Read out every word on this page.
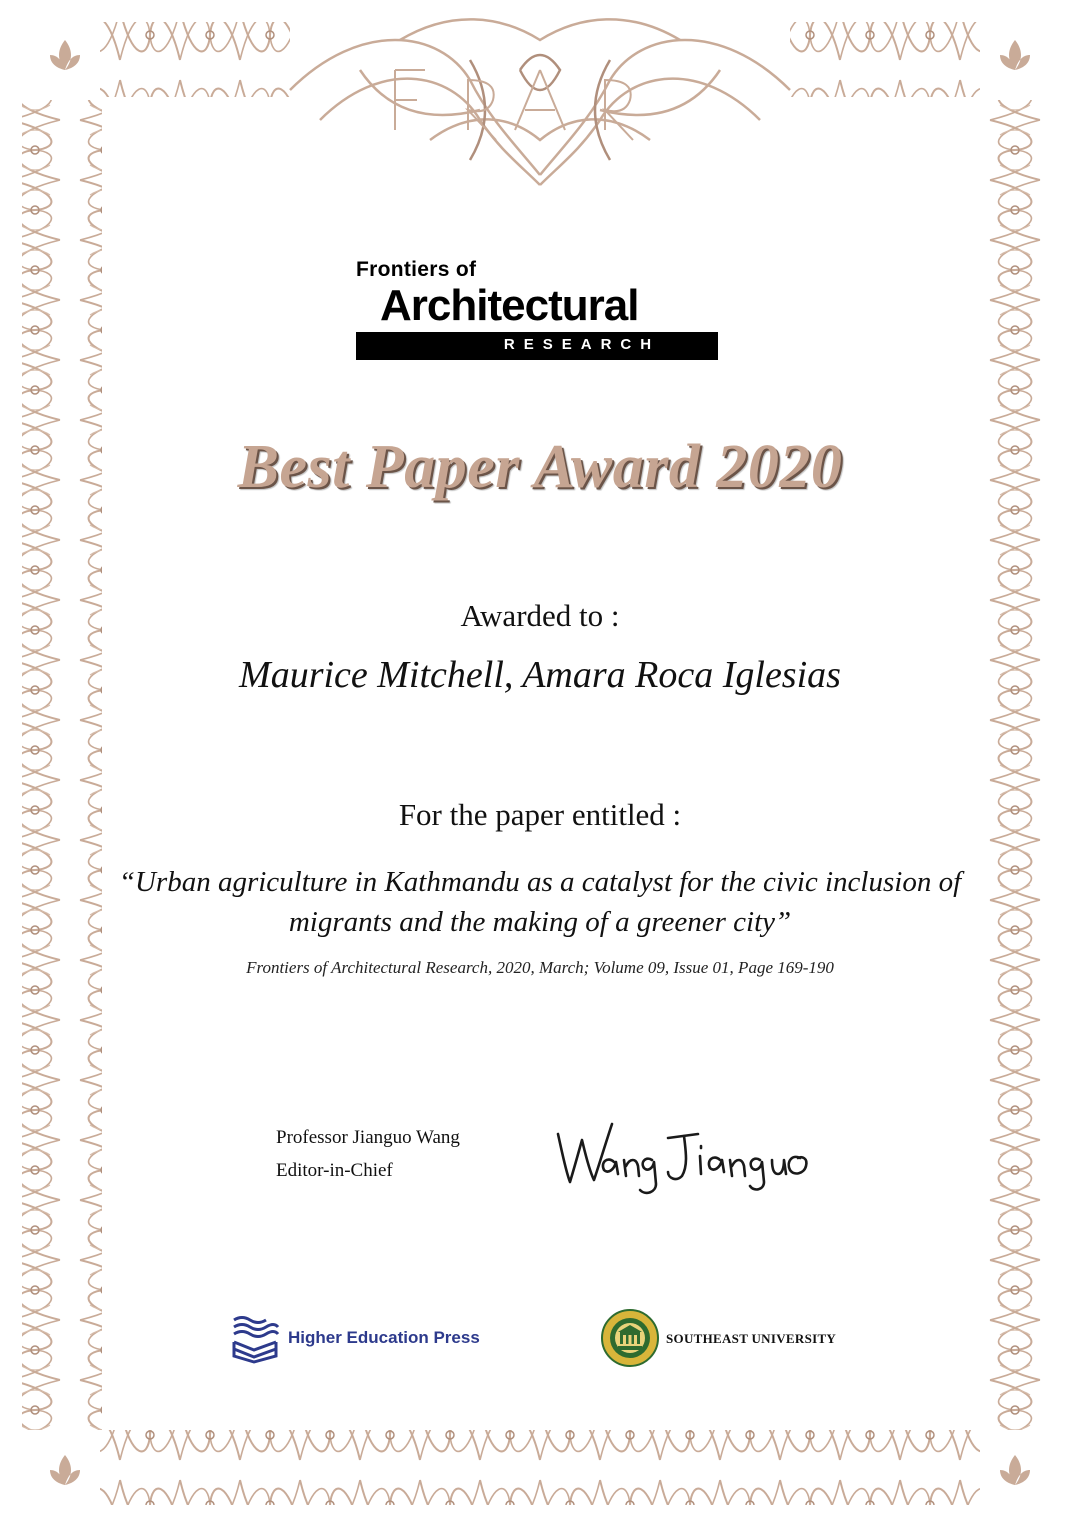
Frontiers of
Architectural
RESEARCH
Best Paper Award 2020
Awarded to :
Maurice Mitchell, Amara Roca Iglesias
For the paper entitled :
“Urban agriculture in Kathmandu as a catalyst for the civic inclusion of migrants and the making of a greener city”
Frontiers of Architectural Research, 2020, March; Volume 09, Issue 01, Page 169-190
Professor Jianguo Wang
Editor-in-Chief
Higher Education Press	SOUTHEAST UNIVERSITY
